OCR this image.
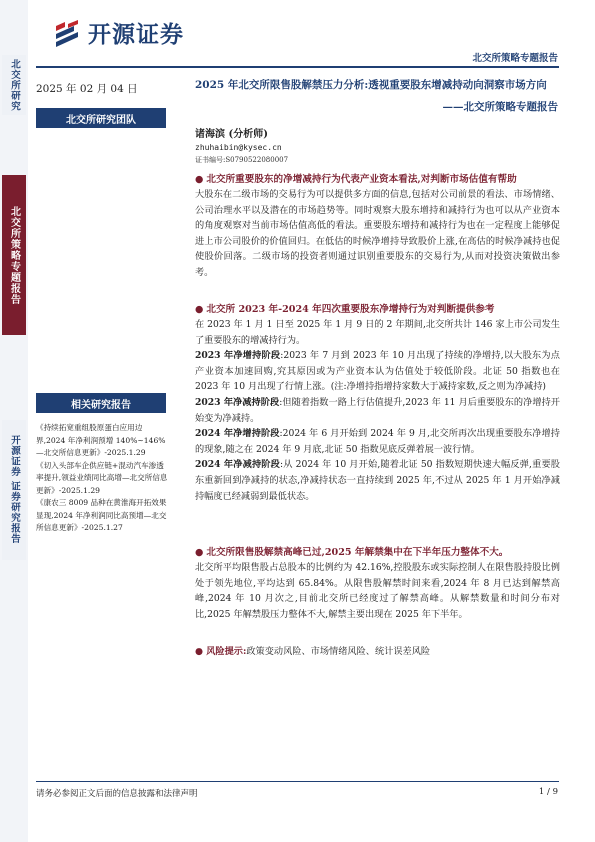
北交所研究
北交所策略专题报告
开源证券 证券研究报告
开源证券
北交所策略专题报告
2025 年 02 月 04 日
北交所研究团队
2025 年北交所限售股解禁压力分析:透视重要股东增减持动向洞察市场方向
——北交所策略专题报告
诸海滨 (分析师)
zhuhaibin@kysec.cn
证书编号:S0790522080007
● 北交所重要股东的净增减持行为代表产业资本看法,对判断市场估值有帮助

大股东在二级市场的交易行为可以提供多方面的信息,包括对公司前景的看法、市场情绪、公司治理水平以及潜在的市场趋势等。同时观察大股东增持和减持行为也可以从产业资本的角度观察对当前市场估值高低的看法。重要股东增持和减持行为也在一定程度上能够促进上市公司股价的价值回归。在低估的时候净增持导致股价上涨,在高估的时候净减持也促使股价回落。二级市场的投资者则通过识别重要股东的交易行为,从而对投资决策做出参考。

● 北交所 2023 年-2024 年四次重要股东净增持行为对判断提供参考

在 2023 年 1 月 1 日至 2025 年 1 月 9 日的 2 年期间,北交所共计 146 家上市公司发生了重要股东的增减持行为。

2023 年净增持阶段:2023 年 7 月到 2023 年 10 月出现了持续的净增持,以大股东为点产业资本加速回购,究其原因或为产业资本认为估值处于较低阶段。北证 50 指数也在 2023 年 10 月出现了行情上涨。(注:净增持指增持家数大于减持家数,反之则为净减持)

2023 年净减持阶段:但随着指数一路上行估值提升,2023 年 11 月后重要股东的净增持开始变为净减持。

2024 年净增持阶段:2024 年 6 月开始到 2024 年 9 月,北交所再次出现重要股东净增持的现象,随之在 2024 年 9 月底,北证 50 指数见底反弹着展一波行情。

2024 年净减持阶段:从 2024 年 10 月开始,随着北证 50 指数短期快速大幅反弹,重要股东重新回到净减持的状态,净减持状态一直持续到 2025 年,不过从 2025 年 1 月开始净减持幅度已经减弱到最低状态。

● 北交所限售股解禁高峰已过,2025 年解禁集中在下半年压力整体不大。

北交所平均限售股占总股本的比例约为 42.16%,控股股东或实际控制人在限售股持股比例处于领先地位,平均达到 65.84%。从限售股解禁时间来看,2024 年 8 月已达到解禁高峰,2024 年 10 月次之,目前北交所已经度过了解禁高峰。从解禁数量和时间分布对比,2025 年解禁股压力整体不大,解禁主要出现在 2025 年下半年。

● 风险提示:政策变动风险、市场情绪风险、统计误差风险

相关研究报告
《持续拓宽重组股原蛋白应用边界,2024 年净利润预增 140%~146%—北交所信息更新》-2025.1.29
《切入头部车企供应链+混动汽车渗透率提升,领益业绩同比高增—北交所信息更新》-2025.1.29
《康农三 8009 品种在黄淮海开拓效果显现,2024 年净利润同比高预增—北交所信息更新》-2025.1.27
请务必参阅正文后面的信息披露和法律声明	1 / 9
